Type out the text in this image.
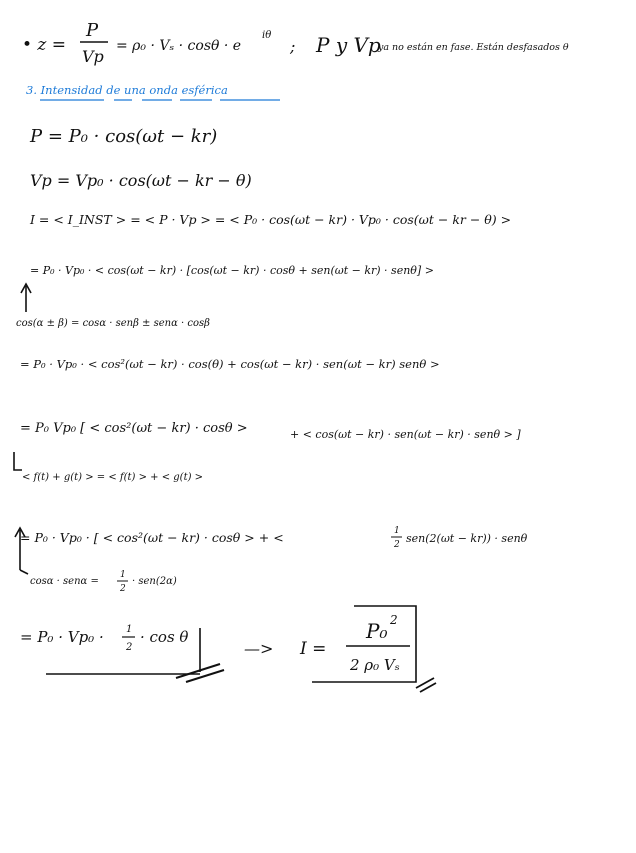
• z =
P
Vp
= ρ₀ · Vₛ · cosθ · e
iθ
; P y Vp
ya no están en fase. Están desfasados θ
3. Intensidad de una onda esférica
P = P₀ · cos(ωt − kr)
Vp = Vp₀ · cos(ωt − kr − θ)
I = < I_INST > = < P · Vp > = < P₀ · cos(ωt − kr) · Vp₀ · cos(ωt − kr − θ) >
= P₀ · Vp₀ · < cos(ωt − kr) · [cos(ωt − kr) · cosθ + sen(ωt − kr) · senθ] >
cos(α ± β) = cosα · senβ ± senα · cosβ
= P₀ · Vp₀ · < cos²(ωt − kr) · cos(θ) + cos(ωt − kr) · sen(ωt − kr) senθ >
= P₀ Vp₀ [ < cos²(ωt − kr) · cosθ >	+ < cos(ωt − kr) · sen(ωt − kr) · senθ > ]
< f(t) + g(t) > = < f(t) > + < g(t) >
= P₀ · Vp₀ · [ < cos²(ωt − kr) · cosθ > + <	1
2 sen(2(ωt − kr)) · senθ
cosα · senα =
1
2
· sen(2α)
= P₀ · Vp₀ · 1
2
· cos θ
—> I =
P₀ 2
2 ρ₀ Vₛ
